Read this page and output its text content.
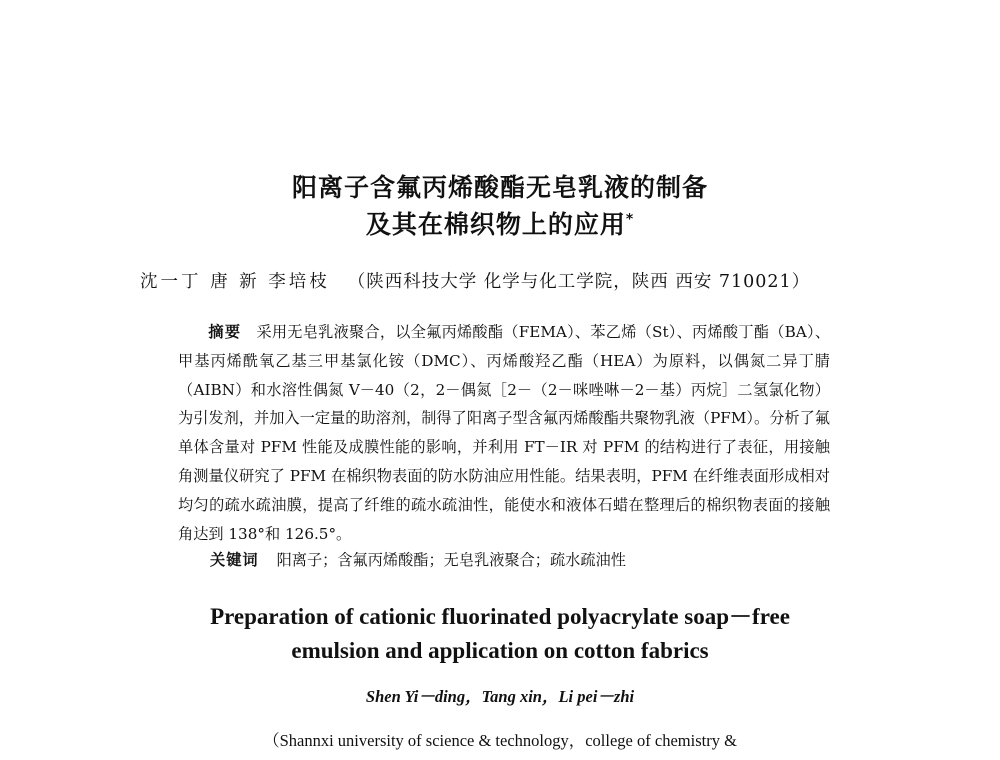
阳离子含氟丙烯酸酯无皂乳液的制备
及其在棉织物上的应用*
沈一丁 唐 新 李培枝 （陕西科技大学 化学与化工学院，陕西 西安 710021）
摘要 采用无皂乳液聚合，以全氟丙烯酸酯（FEMA）、苯乙烯（St）、丙烯酸丁酯（BA）、甲基丙烯酰氧乙基三甲基氯化铵（DMC）、丙烯酸羟乙酯（HEA）为原料，以偶氮二异丁腈（AIBN）和水溶性偶氮 V－40（2，2－偶氮［2－（2－咪唑啉－2－基）丙烷］二氢氯化物）为引发剂，并加入一定量的助溶剂，制得了阳离子型含氟丙烯酸酯共聚物乳液（PFM）。分析了氟单体含量对 PFM 性能及成膜性能的影响，并利用 FT－IR 对 PFM 的结构进行了表征，用接触角测量仪研究了 PFM 在棉织物表面的防水防油应用性能。结果表明，PFM 在纤维表面形成相对均匀的疏水疏油膜，提高了纤维的疏水疏油性，能使水和液体石蜡在整理后的棉织物表面的接触角达到 138°和 126.5°。
关键词 阳离子；含氟丙烯酸酯；无皂乳液聚合；疏水疏油性
Preparation of cationic fluorinated polyacrylate soap－free
emulsion and application on cotton fabrics
Shen Yi－ding，Tang xin，Li pei－zhi
（Shannxi university of science & technology，college of chemistry &
